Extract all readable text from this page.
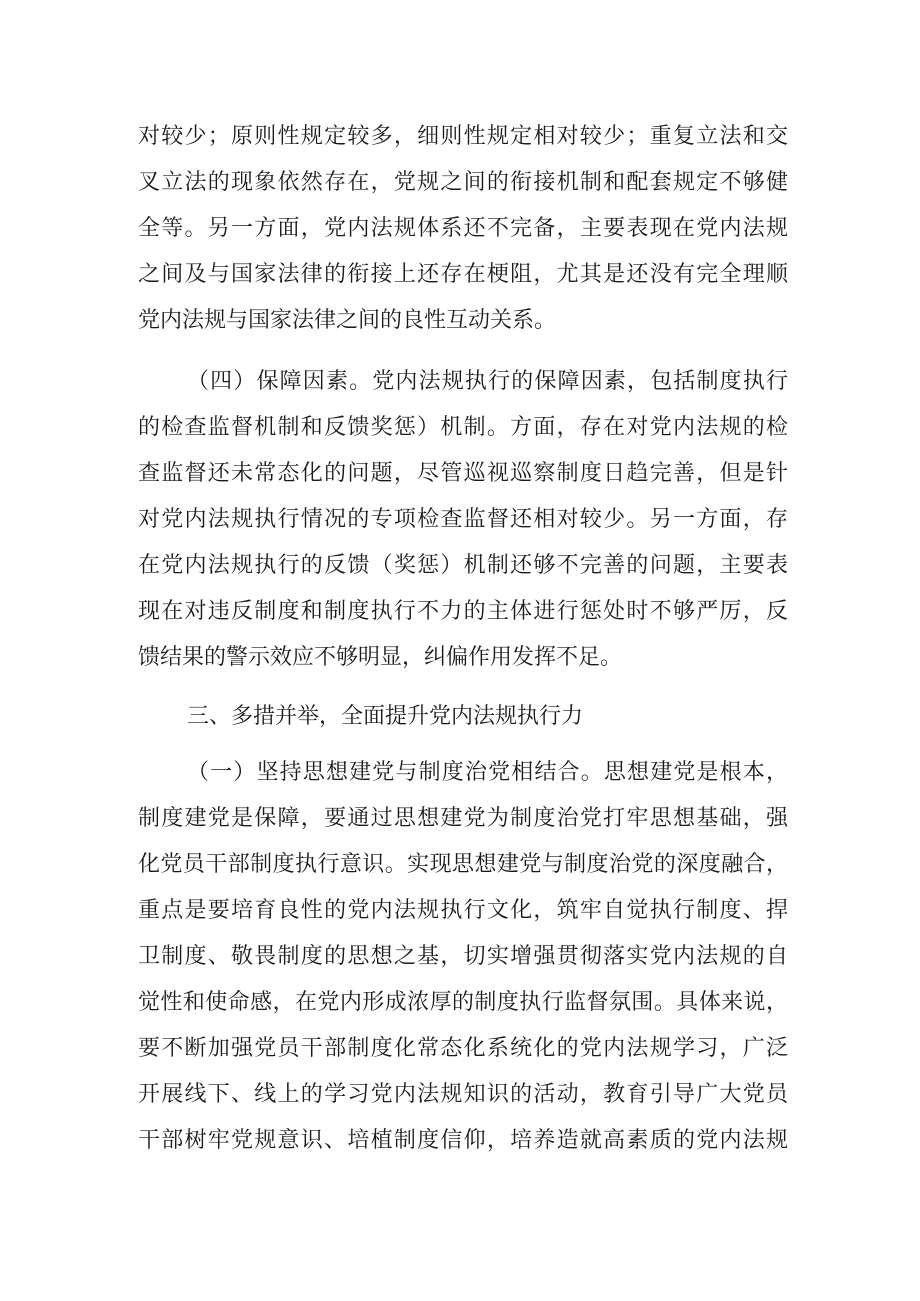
对较少；原则性规定较多，细则性规定相对较少；重复立法和交
叉立法的现象依然存在，党规之间的衔接机制和配套规定不够健
全等。另一方面，党内法规体系还不完备，主要表现在党内法规
之间及与国家法律的衔接上还存在梗阻，尤其是还没有完全理顺
党内法规与国家法律之间的良性互动关系。
（四）保障因素。党内法规执行的保障因素，包括制度执行
的检查监督机制和反馈奖惩）机制。方面，存在对党内法规的检
查监督还未常态化的问题，尽管巡视巡察制度日趋完善，但是针
对党内法规执行情况的专项检查监督还相对较少。另一方面，存
在党内法规执行的反馈（奖惩）机制还够不完善的问题，主要表
现在对违反制度和制度执行不力的主体进行惩处时不够严厉，反
馈结果的警示效应不够明显，纠偏作用发挥不足。
三、多措并举，全面提升党内法规执行力
（一）坚持思想建党与制度治党相结合。思想建党是根本，
制度建党是保障，要通过思想建党为制度治党打牢思想基础，强
化党员干部制度执行意识。实现思想建党与制度治党的深度融合，
重点是要培育良性的党内法规执行文化，筑牢自觉执行制度、捍
卫制度、敬畏制度的思想之基，切实增强贯彻落实党内法规的自
觉性和使命感，在党内形成浓厚的制度执行监督氛围。具体来说，
要不断加强党员干部制度化常态化系统化的党内法规学习，广泛
开展线下、线上的学习党内法规知识的活动，教育引导广大党员
干部树牢党规意识、培植制度信仰，培养造就高素质的党内法规
